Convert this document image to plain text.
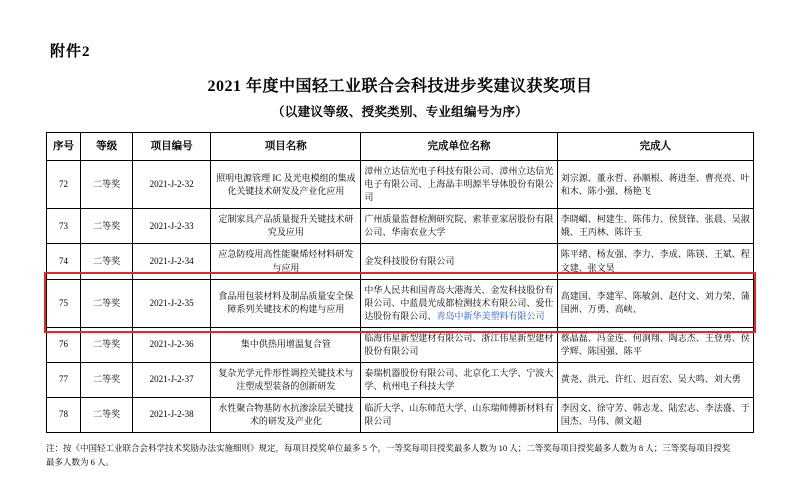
附件2
2021 年度中国轻工业联合会科技进步奖建议获奖项目
（以建议等级、授奖类别、专业组编号为序）
序号	等级	项目编号	项目名称	完成单位名称	完成人
72	二等奖	2021-J-2-32	照明电源管理 IC 及光电模组的集成化关键技术研发及产业化应用	漳州立达信光电子科技有限公司、漳州立达信光电子有限公司、上海晶丰明源半导体股份有限公司	刘宗源、董永哲、孙顺根、蒋进奎、曹亮亮、叶和木、陈小强、杨艳飞
73	二等奖	2021-J-2-33	定制家具产品质量提升关键技术研究及应用	广州质量监督检测研究院、索菲亚家居股份有限公司、华南农业大学	李晓嵋、柯建生、陈伟力、侯贤锋、张晨、吴淑娥、王丙林、陈许玉
74	二等奖	2021-J-2-34	应急防疫用高性能聚烯烃材料研发与应用	金发科技股份有限公司	陈平绪、杨友强、李力、李成、陈镁、王斌、程文建、张文昊
75	二等奖	2021-J-2-35	食品用包装材料及制品质量安全保障系列关键技术的构建与应用	中华人民共和国青岛大港海关、金发科技股份有限公司、中蓝晨光成都检测技术有限公司、爱仕达股份有限公司、青岛中新华美塑料有限公司	高建国、李建军、陈敏剑、赵付文、刘力荣、蒲国洲、万勇、高峡、
76	二等奖	2021-J-2-36	集中供热用增温复合管	临海伟星新型建材有限公司、浙江伟星新型建材股份有限公司	蔡晶磊、冯金连、何涧翔、陶志杰、王登勇、侯学辉、陈国强、陈平
77	二等奖	2021-J-2-37	复杂光学元件形性调控关键技术与注塑成型装备的创新研发	泰瑞机器股份有限公司、北京化工大学、宁波大学、杭州电子科技大学	黄尧、洪元、许红、迟百宏、吴大鸣、刘大勇
78	二等奖	2021-J-2-38	水性聚合物基防水抗渗涂层关键技术的研发及产业化	临沂大学、山东师范大学、山东瑞师傅新材料有限公司	李因文、徐守芳、韩志龙、陆宏志、李法盛、于国杰、马伟、颜文超
注：按《中国轻工业联合会科学技术奖励办法实施细则》规定，每项目授奖单位最多 5 个，一等奖每项目授奖最多人数为 10 人；二等奖每项目授奖最多人数为 8 人；三等奖每项目授奖
最多人数为 6 人。
